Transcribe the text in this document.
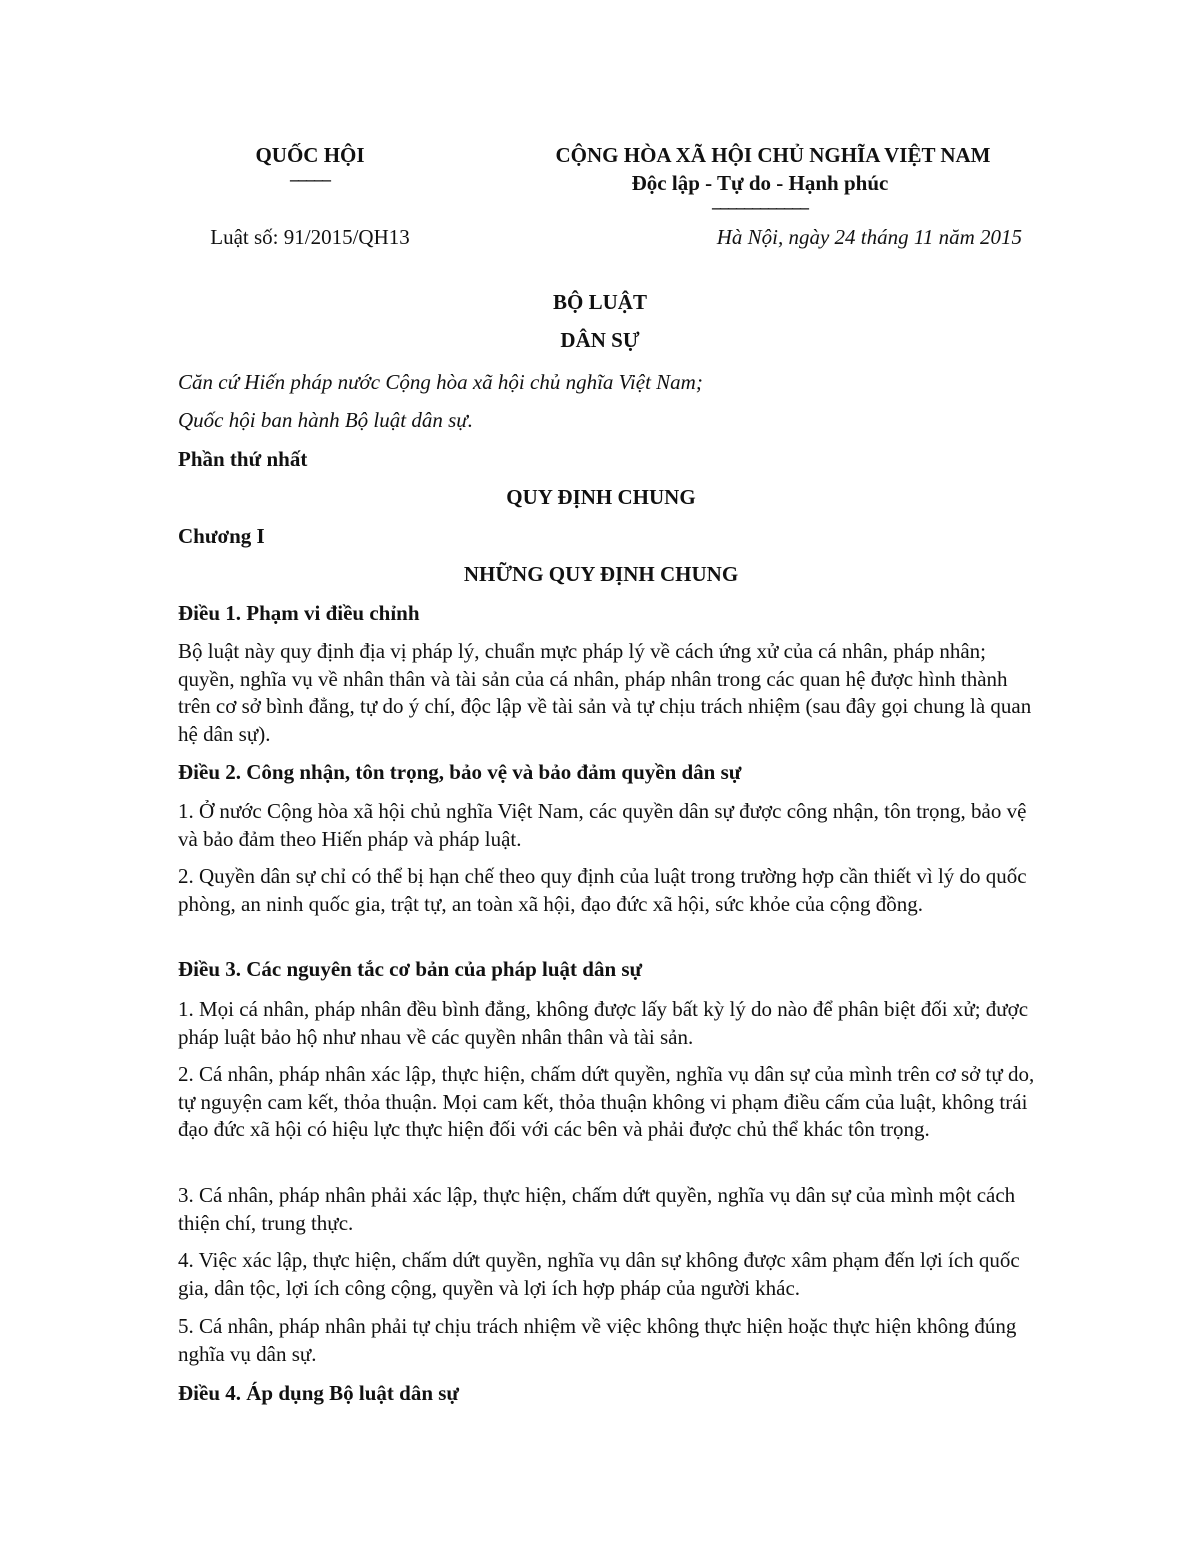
QUỐC HỘI
–––––
Luật số: 91/2015/QH13
CỘNG HÒA XÃ HỘI CHỦ NGHĨA VIỆT NAM
Độc lập - Tự do - Hạnh phúc
––––––––––––
Hà Nội, ngày 24 tháng 11 năm 2015
BỘ LUẬT
DÂN SỰ
Căn cứ Hiến pháp nước Cộng hòa xã hội chủ nghĩa Việt Nam;
Quốc hội ban hành Bộ luật dân sự.
Phần thứ nhất
QUY ĐỊNH CHUNG
Chương I
NHỮNG QUY ĐỊNH CHUNG
Điều 1. Phạm vi điều chỉnh
Bộ luật này quy định địa vị pháp lý, chuẩn mực pháp lý về cách ứng xử của cá nhân, pháp nhân; quyền, nghĩa vụ về nhân thân và tài sản của cá nhân, pháp nhân trong các quan hệ được hình thành trên cơ sở bình đẳng, tự do ý chí, độc lập về tài sản và tự chịu trách nhiệm (sau đây gọi chung là quan hệ dân sự).
Điều 2. Công nhận, tôn trọng, bảo vệ và bảo đảm quyền dân sự
1. Ở nước Cộng hòa xã hội chủ nghĩa Việt Nam, các quyền dân sự được công nhận, tôn trọng, bảo vệ và bảo đảm theo Hiến pháp và pháp luật.
2. Quyền dân sự chỉ có thể bị hạn chế theo quy định của luật trong trường hợp cần thiết vì lý do quốc phòng, an ninh quốc gia, trật tự, an toàn xã hội, đạo đức xã hội, sức khỏe của cộng đồng.
Điều 3. Các nguyên tắc cơ bản của pháp luật dân sự
1. Mọi cá nhân, pháp nhân đều bình đẳng, không được lấy bất kỳ lý do nào để phân biệt đối xử; được pháp luật bảo hộ như nhau về các quyền nhân thân và tài sản.
2. Cá nhân, pháp nhân xác lập, thực hiện, chấm dứt quyền, nghĩa vụ dân sự của mình trên cơ sở tự do, tự nguyện cam kết, thỏa thuận. Mọi cam kết, thỏa thuận không vi phạm điều cấm của luật, không trái đạo đức xã hội có hiệu lực thực hiện đối với các bên và phải được chủ thể khác tôn trọng.
3. Cá nhân, pháp nhân phải xác lập, thực hiện, chấm dứt quyền, nghĩa vụ dân sự của mình một cách thiện chí, trung thực.
4. Việc xác lập, thực hiện, chấm dứt quyền, nghĩa vụ dân sự không được xâm phạm đến lợi ích quốc gia, dân tộc, lợi ích công cộng, quyền và lợi ích hợp pháp của người khác.
5. Cá nhân, pháp nhân phải tự chịu trách nhiệm về việc không thực hiện hoặc thực hiện không đúng nghĩa vụ dân sự.
Điều 4. Áp dụng Bộ luật dân sự
